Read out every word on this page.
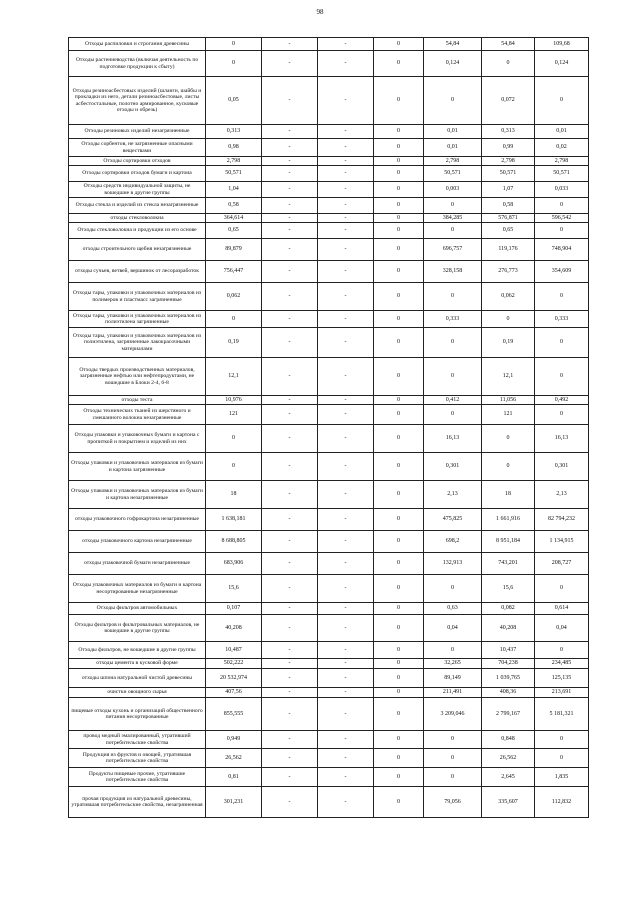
98
Отходы распиловки и строгания древесины	0	-	-	0	54,84	54,84	109,68
Отходы растениеводства (включая деятельность по подготовке продукции к сбыту)	0	-	-	0	0,124	0	0,124
Отходы резиноасбестовых изделий (шланги, шайбы и прокладки из него, детали резиноасбестовые, листы асбестостальные, полотно армированное, кусковые отходы и обрезь)	0,05	-	-	0	0	0,072	0
Отходы резиновых изделий незагрязненные	0,313	-	-	0	0,01	0,313	0,01
Отходы сорбентов, не загрязненные опасными веществами	0,98	-	-	0	0,01	0,99	0,02
Отходы сортировки отходов	2,798	-	-	0	2,798	2,798	2,798
Отходы сортировки отходов бумаги и картона	50,571	-	-	0	50,571	50,571	50,571
Отходы средств индивидуальной защиты, не вошедшие в другие группы	1,04	-	-	0	0,003	1,07	0,033
Отходы стекла и изделий из стекла незагрязненные	0,58	-	-	0	0	0,58	0
отходы стекловолокна	364,614	-	-	0	384,285	576,871	596,542
Отходы стекловолокна и продукции из его основе	0,65	-	-	0	0	0,65	0
отходы строительного щебня незагрязненные	89,879	-	-	0	696,757	119,176	748,904
отходы сучьев, ветвей, вершинок от лесоразработок	756,447	-	-	0	328,158	276,773	354,609
Отходы тары, упаковки и упаковочных материалов из полимеров и пластмасс загрязненные	0,062	-	-	0	0	0,062	0
Отходы тары, упаковки и упаковочных материалов из полиэтилена загрязненные	0	-	-	0	0,333	0	0,333
Отходы тары, упаковки и упаковочных материалов из полиэтилена, загрязненные лакокрасочными материалами	0,19	-	-	0	0	0,19	0
Отходы твердых производственных материалов, загрязненные нефтью или нефтепродуктами, не вошедшие в Блоки 2-4, 6-8	12,1	-	-	0	0	12,1	0
отходы теста	10,976	-	-	0	0,412	11,056	0,492
Отходы технических тканей из шерстяного и смешанного волокна незагрязненные	121	-	-	0	0	121	0
Отходы упаковки и упаковочных бумаги и картона с пропиткой и покрытием и изделий из них	0	-	-	0	16,13	0	16,13
Отходы упаковки и упаковочных материалов из бумаги и картона загрязненные	0	-	-	0	0,301	0	0,301
Отходы упаковки и упаковочных материалов из бумаги и картона незагрязненные	18	-	-	0	2,13	18	2,13
отходы упаковочного гофрокартона незагрязненные	1 638,181	-	-	0	475,825	1 661,916	82 794,232
отходы упаковочного картона незагрязненные	8 688,805	-	-	0	698,2	8 951,184	1 134,915
отходы упаковочной бумаги незагрязненные	683,906	-	-	0	132,913	743,201	208,727
Отходы упаковочных материалов из бумаги и картона несортированные незагрязненные	15,6	-	-	0	0	15,6	0
Отходы фильтров автомобильных	0,107	-	-	0	0,63	0,082	0,614
Отходы фильтров и фильтровальных материалов, не вошедшие в другие группы	40,208	-	-	0	0,04	40,208	0,04
Отходы фильтров, не вошедшие в другие группы	10,487	-	-	0	0	10,437	0
отходы цемента в кусковой форме	502,222	-	-	0	32,265	704,238	234,485
отходы шпона натуральной чистой древесины	20 532,974	-	-	0	89,149	1 039,765	125,135
очистки овощного сырья	407,56	-	-	0	211,491	408,36	213,691
пищевые отходы кухонь и организаций общественного питания несортированные	855,555	-	-	0	3 209,046	2 799,167	5 181,321
провод медный эмалированный, утративший потребительские свойства	0,949	-	-	0	0	0,848	0
Продукция из фруктов и овощей, утратившая потребительские свойства	26,562	-	-	0	0	26,562	0
Продукты пищевые прочие, утратившие потребительские свойства	0,81	-	-	0	0	2,645	1,835
прочая продукция из натуральной древесины, утратившая потребительские свойства, незагрязненная	301,231	-	-	0	79,056	335,607	112,832
